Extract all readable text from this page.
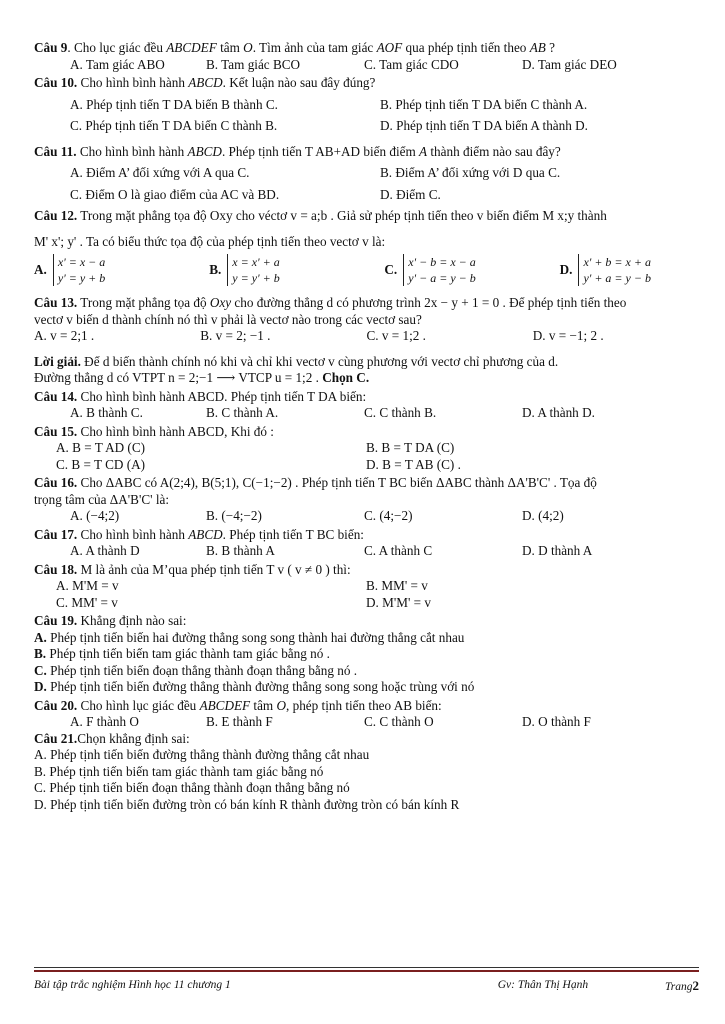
Câu 9. Cho lục giác đều ABCDEF tâm O. Tìm ảnh của tam giác AOF qua phép tịnh tiến theo AB ?

A. Tam giác ABO	B. Tam giác BCO	C. Tam giác CDO	D. Tam giác DEO

Câu 10. Cho hình bình hành ABCD. Kết luận nào sau đây đúng?

A. Phép tịnh tiến T DA biến B thành C.	B. Phép tịnh tiến T DA biến C thành A.
C. Phép tịnh tiến T DA biến C thành B.	D. Phép tịnh tiến T DA biến A thành D.

Câu 11. Cho hình bình hành ABCD. Phép tịnh tiến T AB+AD biến điểm A thành điểm nào sau đây?

A. Điểm A’ đối xứng với A qua C.	B. Điểm A’ đối xứng với D qua C.
C. Điểm O là giao điểm của AC và BD.	D. Điểm C.

Câu 12. Trong mặt phẳng tọa độ Oxy cho véctơ v = a;b . Giả sử phép tịnh tiến theo v biến điểm M x;y thành

M' x'; y' . Ta có biểu thức tọa độ của phép tịnh tiến theo vectơ v là:

A. x' = x − a
y' = y + b
B. x = x' + a
y = y' + b
C. x' − b = x − a
y' − a = y − b
D. x' + b = x + a
y' + a = y − b

Câu 13. Trong mặt phẳng tọa độ Oxy cho đường thẳng d có phương trình 2x − y + 1 = 0 . Để phép tịnh tiến theo

vectơ v biến d thành chính nó thì v phải là vectơ nào trong các vectơ sau?

A. v = 2;1 .	B. v = 2; −1 .	C. v = 1;2 .	D. v = −1; 2 .

Lời giải. Để d biến thành chính nó khi và chỉ khi vectơ v cùng phương với vectơ chỉ phương của d.

Đường thẳng d có VTPT n = 2;−1 ⟶ VTCP u = 1;2 . Chọn C.

Câu 14. Cho hình bình hành ABCD. Phép tịnh tiến T DA biến:

A. B thành C.	B. C thành A.	C. C thành B.	D. A thành D.

Câu 15. Cho hình bình hành ABCD, Khi đó :

A. B = T AD (C)	B. B = T DA (C)
C. B = T CD (A)	D. B = T AB (C) .

Câu 16. Cho ΔABC có A(2;4), B(5;1), C(−1;−2) . Phép tịnh tiến T BC biến ΔABC thành ΔA'B'C' . Tọa độ

trọng tâm của ΔA'B'C' là:

A. (−4;2)	B. (−4;−2)	C. (4;−2)	D. (4;2)

Câu 17. Cho hình bình hành ABCD. Phép tịnh tiến T BC biến:

A. A thành D	B. B thành A	C. A thành C	D. D thành A

Câu 18. M là ảnh của M’qua phép tịnh tiến T v ( v ≠ 0 ) thì:

A. M'M = v	B. MM' = v
C. MM' = v	D. M'M' = v

Câu 19. Khẳng định nào sai:

A. Phép tịnh tiến biến hai đường thẳng song song thành hai đường thẳng cắt nhau

B. Phép tịnh tiến biến tam giác thành tam giác bằng nó .

C. Phép tịnh tiến biến đoạn thẳng thành đoạn thẳng bằng nó .

D. Phép tịnh tiến biến đường thẳng thành đường thẳng song song hoặc trùng với nó

Câu 20. Cho hình lục giác đều ABCDEF tâm O, phép tịnh tiến theo AB biến:

A. F thành O	B. E thành F	C. C thành O	D. O thành F

Câu 21.Chọn khẳng định sai:

A. Phép tịnh tiến biến đường thẳng thành đường thẳng cắt nhau

B. Phép tịnh tiến biến tam giác thành tam giác bằng nó

C. Phép tịnh tiến biến đoạn thẳng thành đoạn thẳng bằng nó

D. Phép tịnh tiến biến đường tròn có bán kính R thành đường tròn có bán kính R

Bài tập trắc nghiệm Hình học 11 chương 1	Gv: Thân Thị Hạnh	Trang2
